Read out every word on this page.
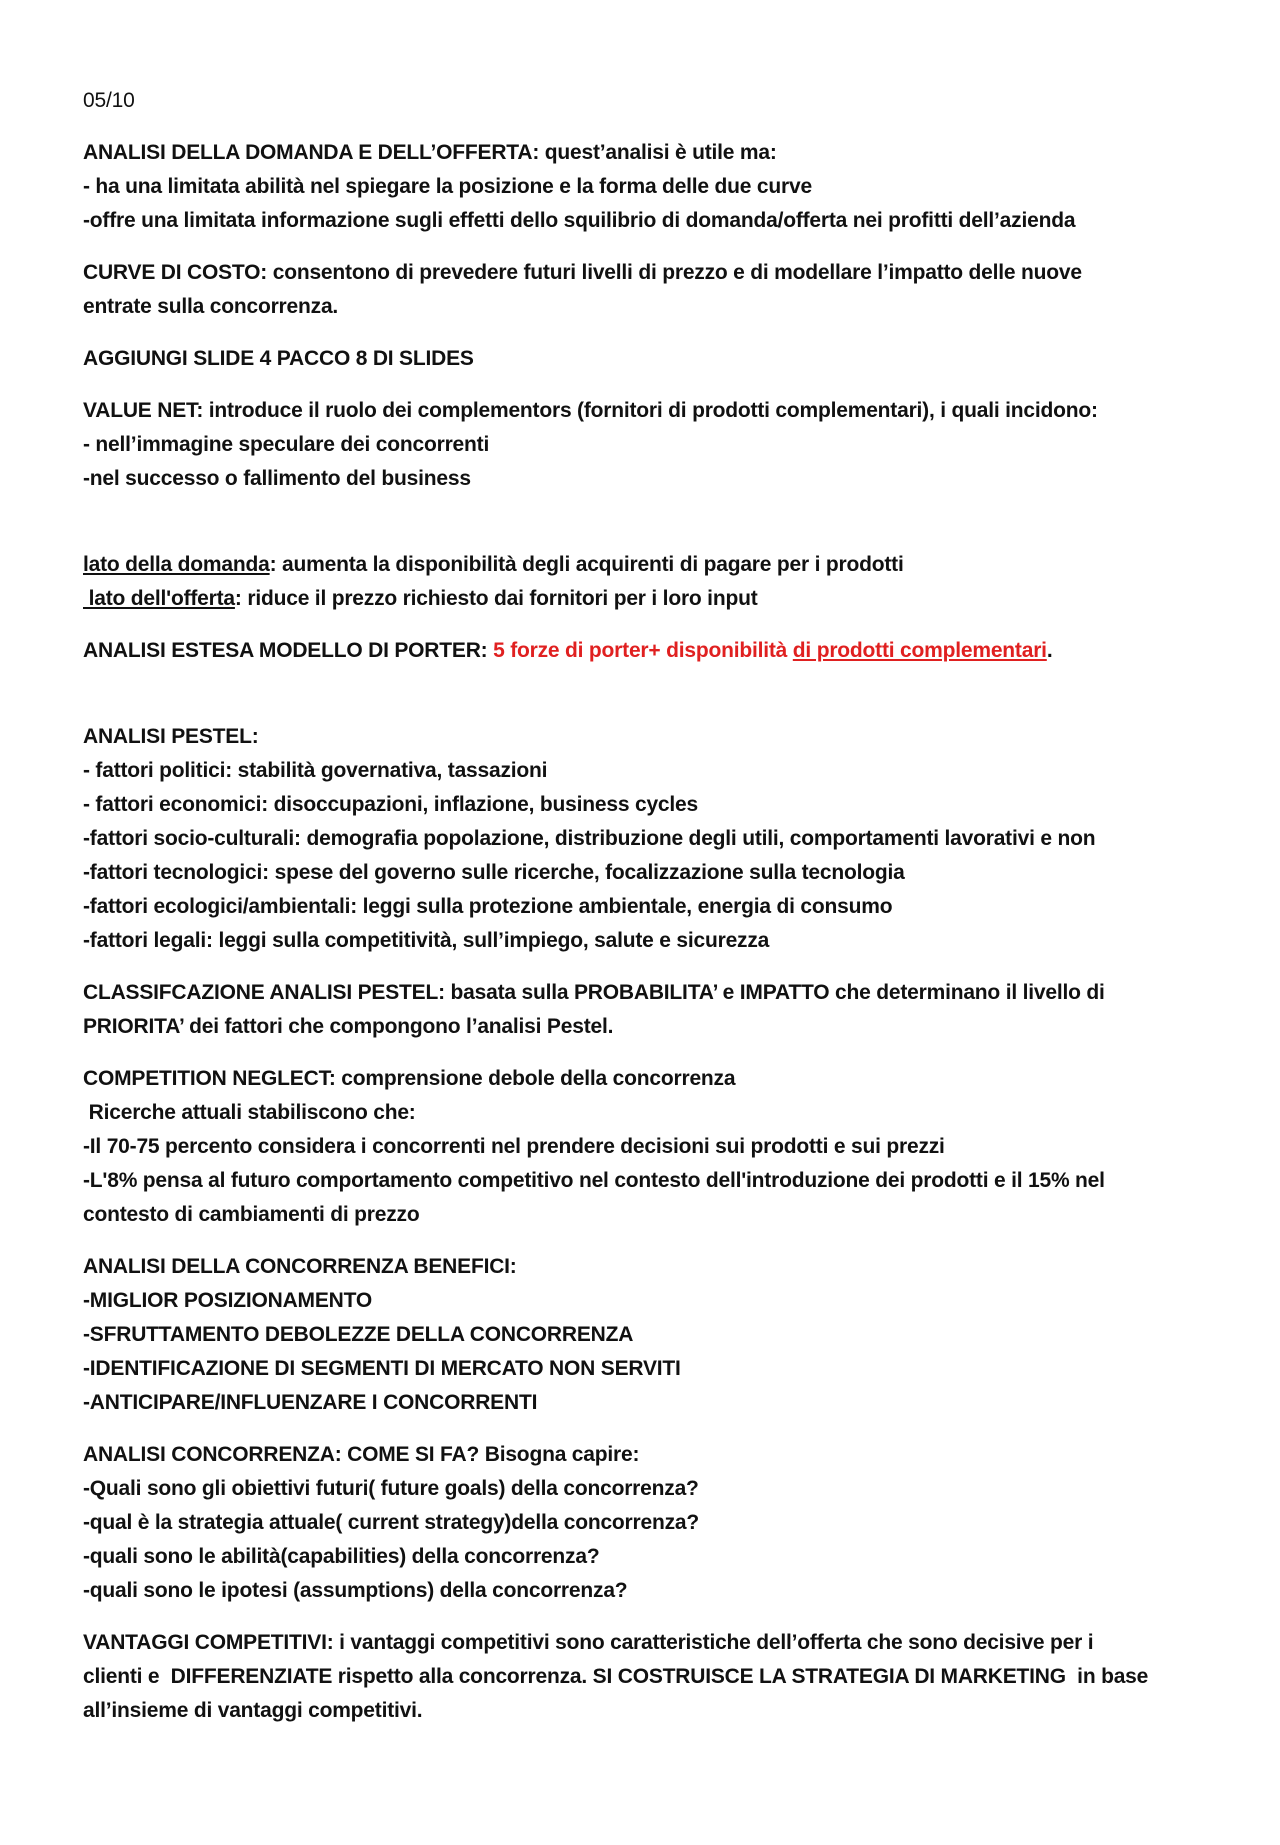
05/10
ANALISI DELLA DOMANDA E DELL’OFFERTA: quest’analisi è utile ma:
- ha una limitata abilità nel spiegare la posizione e la forma delle due curve
-offre una limitata informazione sugli effetti dello squilibrio di domanda/offerta nei profitti dell’azienda
CURVE DI COSTO: consentono di prevedere futuri livelli di prezzo e di modellare l’impatto delle nuove
entrate sulla concorrenza.
AGGIUNGI SLIDE 4 PACCO 8 DI SLIDES
VALUE NET: introduce il ruolo dei complementors (fornitori di prodotti complementari), i quali incidono:
- nell’immagine speculare dei concorrenti
-nel successo o fallimento del business
lato della domanda: aumenta la disponibilità degli acquirenti di pagare per i prodotti
lato dell'offerta: riduce il prezzo richiesto dai fornitori per i loro input
ANALISI ESTESA MODELLO DI PORTER: 5 forze di porter+ disponibilità di prodotti complementari.
ANALISI PESTEL:
- fattori politici: stabilità governativa, tassazioni
- fattori economici: disoccupazioni, inflazione, business cycles
-fattori socio-culturali: demografia popolazione, distribuzione degli utili, comportamenti lavorativi e non
-fattori tecnologici: spese del governo sulle ricerche, focalizzazione sulla tecnologia
-fattori ecologici/ambientali: leggi sulla protezione ambientale, energia di consumo
-fattori legali: leggi sulla competitività, sull’impiego, salute e sicurezza
CLASSIFCAZIONE ANALISI PESTEL: basata sulla PROBABILITA’ e IMPATTO che determinano il livello di
PRIORITA’ dei fattori che compongono l’analisi Pestel.
COMPETITION NEGLECT: comprensione debole della concorrenza
Ricerche attuali stabiliscono che:
-Il 70-75 percento considera i concorrenti nel prendere decisioni sui prodotti e sui prezzi
-L'8% pensa al futuro comportamento competitivo nel contesto dell'introduzione dei prodotti e il 15% nel
contesto di cambiamenti di prezzo
ANALISI DELLA CONCORRENZA BENEFICI:
-MIGLIOR POSIZIONAMENTO
-SFRUTTAMENTO DEBOLEZZE DELLA CONCORRENZA
-IDENTIFICAZIONE DI SEGMENTI DI MERCATO NON SERVITI
-ANTICIPARE/INFLUENZARE I CONCORRENTI
ANALISI CONCORRENZA: COME SI FA? Bisogna capire:
-Quali sono gli obiettivi futuri( future goals) della concorrenza?
-qual è la strategia attuale( current strategy)della concorrenza?
-quali sono le abilità(capabilities) della concorrenza?
-quali sono le ipotesi (assumptions) della concorrenza?
VANTAGGI COMPETITIVI: i vantaggi competitivi sono caratteristiche dell’offerta che sono decisive per i
clienti e  DIFFERENZIATE rispetto alla concorrenza. SI COSTRUISCE LA STRATEGIA DI MARKETING  in base
all’insieme di vantaggi competitivi.
